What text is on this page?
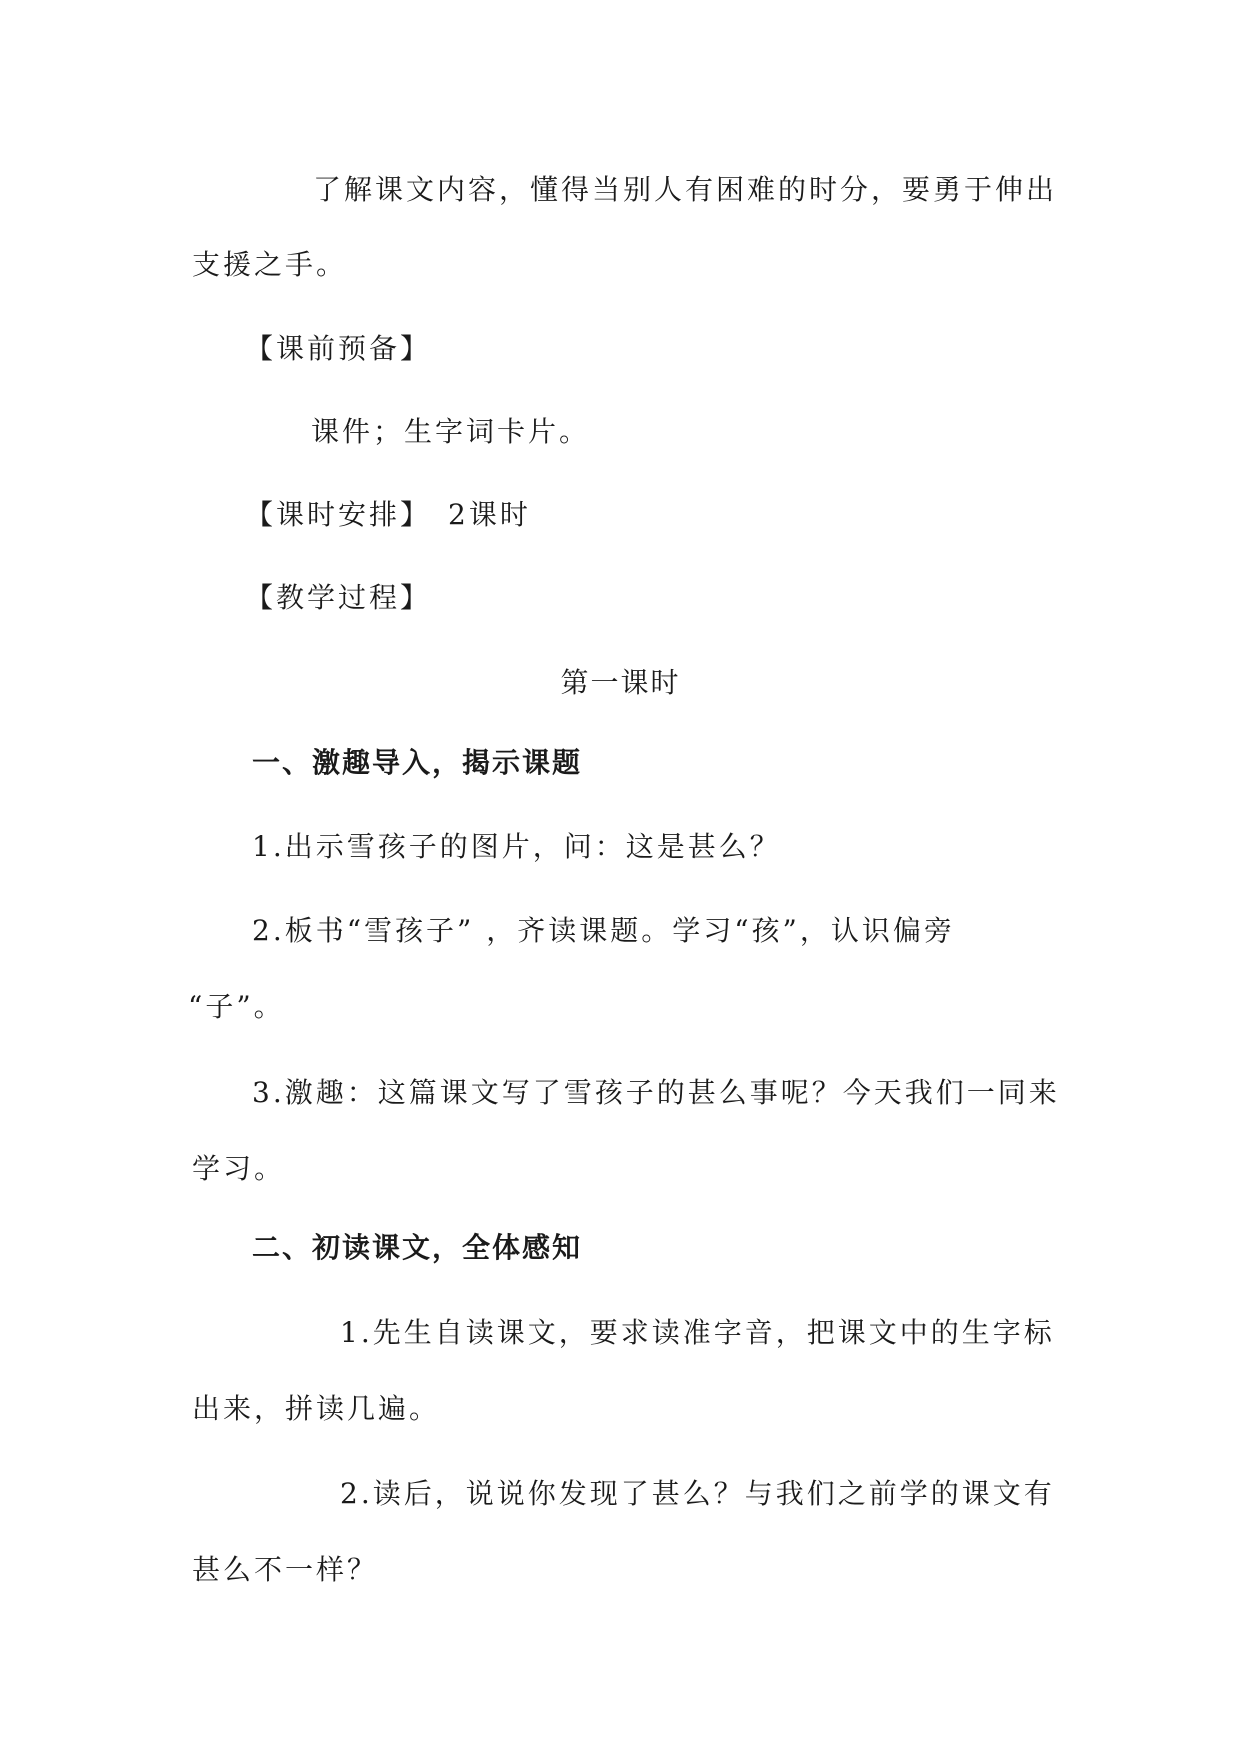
了解课文内容，懂得当别人有困难的时分，要勇于伸出
支援之手。
【课前预备】
课件；生字词卡片。
【课时安排】　2课时
【教学过程】
第一课时
一、激趣导入，揭示课题
1.出示雪孩子的图片，问：这是甚么？
2.板书“雪孩子” ，齐读课题。学习“孩”，认识偏旁
“子”。
3.激趣：这篇课文写了雪孩子的甚么事呢？今天我们一同来
学习。
二、初读课文，全体感知
1.先生自读课文，要求读准字音，把课文中的生字标
出来，拼读几遍。
2.读后，说说你发现了甚么？与我们之前学的课文有
甚么不一样？
